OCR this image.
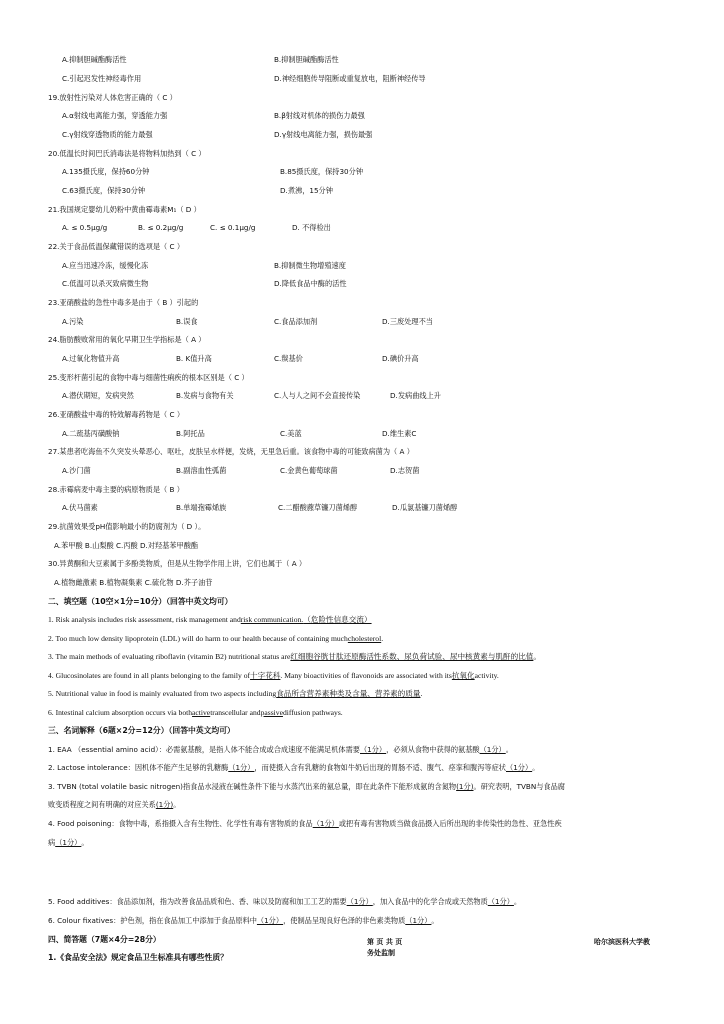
A.抑制胆碱酯酶活性	B.抑制胆碱酯酶活性
C.引起迟发性神经毒作用	D.神经细胞传导阻断或重复放电，阻断神经传导
19.放射性污染对人体危害正确的（ C ）
A.α射线电离能力强，穿透能力强	B.β射线对机体的损伤力最强
C.γ射线穿透物质的能力最强	D.γ射线电离能力强，损伤最强
20.低温长时间巴氏消毒法是将物料加热到（ C ）
A.135摄氏度，保持60分钟	B.85摄氏度，保持30分钟
C.63摄氏度，保持30分钟	D.煮沸，15分钟
21.我国规定婴幼儿奶粉中黄曲霉毒素M₁（ D ）
A. ≤ 0.5μg/g	B. ≤ 0.2μg/g	C. ≤ 0.1μg/g	D. 不得检出
22.关于食品低温保藏错误的选项是（ C ）
A.应当迅速冷冻，缓慢化冻	B.抑制微生物增殖速度
C.低温可以杀灭致病微生物	D.降低食品中酶的活性
23.亚硝酸盐的急性中毒多是由于（ B ）引起的
A.污染	B.误食	C.食品添加剂	D.三废处理不当
24.脂肪酸败常用的氧化早期卫生学指标是（ A ）
A.过氧化物值升高	B. K值升高	C.羰基价	D.碘价升高
25.变形杆菌引起的食物中毒与细菌性痢疾的根本区别是（ C ）
A.潜伏期短，发病突然	B.发病与食物有关	C.人与人之间不会直接传染	D.发病曲线上升
26.亚硝酸盐中毒的特效解毒药物是（ C ）
A.二巯基丙磺酸钠	B.阿托品	C.美蓝	D.维生素C
27.某患者吃海鱼不久突发头晕恶心、呕吐，皮肤呈水样便，发烧，无里急后重。该食物中毒的可能致病菌为（ A ）
A.沙门菌	B.副溶血性弧菌	C.金黄色葡萄球菌	D.志贺菌
28.赤霉病麦中毒主要的病原物质是（ B ）
A.伏马菌素	B.单端孢霉烯族	C.二醋酸藨草镰刀菌烯醇	D.瓜氯基镰刀菌烯醇
29.抗菌效果受pH值影响最小的防腐剂为（ D ）。
A.苯甲酸 B.山梨酸 C.丙酸 D.对羟基苯甲酸酯
30.异黄酮和大豆素属于多酚类物质，但是从生物学作用上讲，它们也属于（ A ）
A.植物雌激素 B.植物凝集素 C.硫化物 D.芥子油苷
二、填空题（10空×1分=10分）（回答中英文均可）
1. Risk analysis includes risk assessment, risk management andrisk communication.（危险性信息交流）
2. Too much low density lipoprotein (LDL) will do harm to our health because of containing muchcholesterol.
3. The main methods of evaluating riboflavin (vitamin B2) nutritional status are红细胞谷胱甘肽还原酶活性系数、尿负荷试验、尿中核黄素与肌酐的比值。
4. Glucosinolates are found in all plants belonging to the family of十字花科. Many bioactivities of flavonoids are associated with its抗氧化activity.
5. Nutritional value in food is mainly evaluated from two aspects including食品所含营养素种类及含量、营养素的质量.
6. Intestinal calcium absorption occurs via bothactivetranscellular andpassivediffusion pathways.
三、名词解释（6题×2分=12分）（回答中英文均可）
1. EAA （essential amino acid）：必需氨基酸，是指人体不能合成或合成速度不能满足机体需要（1分），必须从食物中获得的氨基酸（1分）。
2. Lactose intolerance：因机体不能产生足够的乳糖酶（1分），而使摄入含有乳糖的食物如牛奶后出现的胃肠不适、腹气、痉挛和腹泻等症状（1分）。
3. TVBN (total volatile basic nitrogen)指食品水浸液在碱性条件下能与水蒸汽出来的氨总量，即在此条件下能形成氨的含氮物(1分)。研究表明，TVBN与食品腐
败变质程度之间有明确的对应关系(1分)。
4. Food poisoning：食物中毒，系指摄入含有生物性、化学性有毒有害物质的食品（1分）或把有毒有害物质当做食品摄入后所出现的非传染性的急性、亚急性疾
病（1分）。
5. Food additives：食品添加剂，指为改善食品品质和色、香、味以及防腐和加工工艺的需要（1分），加入食品中的化学合成或天然物质（1分）。
6. Colour fixatives：护色剂，指在食品加工中添加于食品原料中（1分），使制品呈现良好色泽的非色素类物质（1分）。
四、简答题（7题×4分=28分）
1.《食品安全法》规定食品卫生标准具有哪些性质？
第 页 共 页
务处监制
哈尔滨医科大学教
